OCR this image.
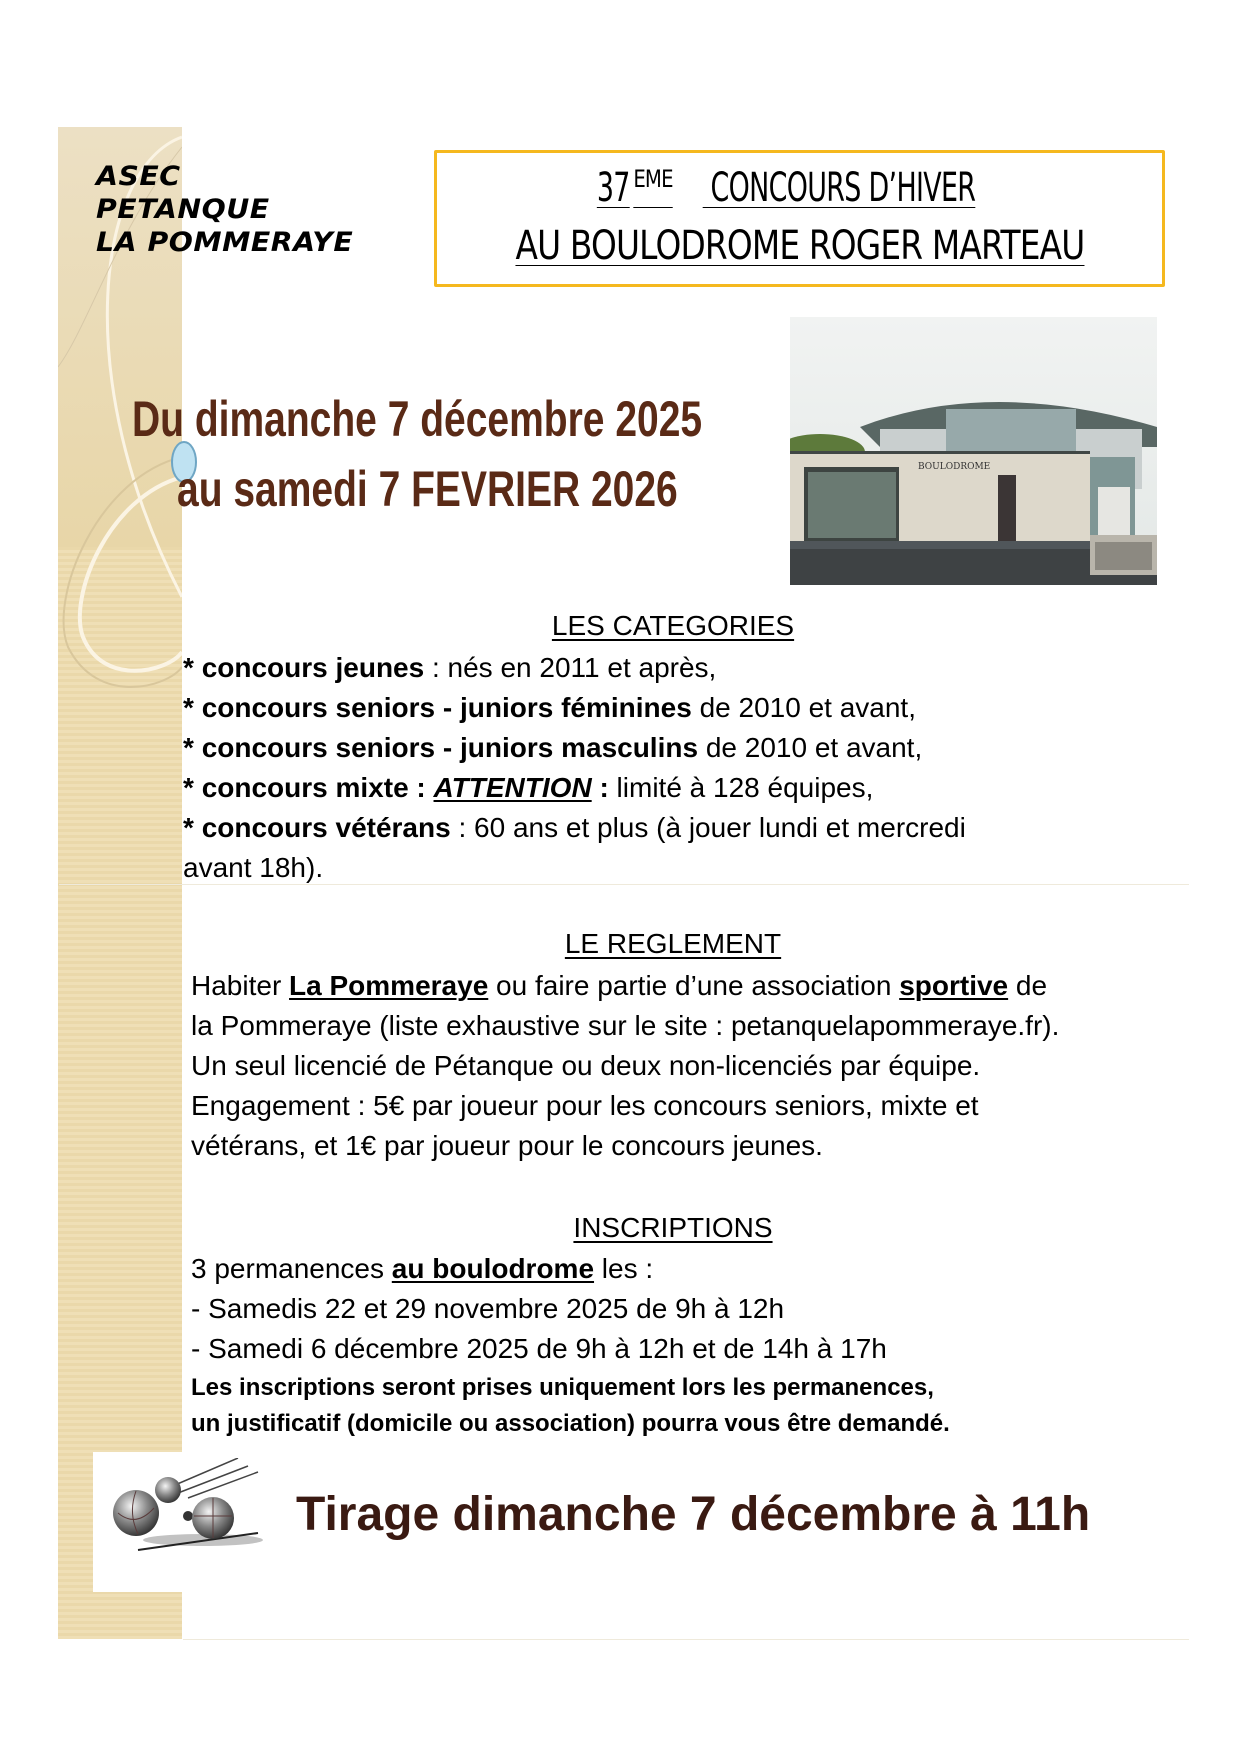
ASEC
PETANQUE
LA POMMERAYE
37 $^{EME}$ CONCOURS D’HIVER
AU BOULODROME ROGER MARTEAU
Du dimanche 7 décembre 2025
au samedi 7 FEVRIER 2026	BOULODROME
LES CATEGORIES
* concours jeunes : nés en 2011 et après,
* concours seniors - juniors féminines de 2010 et avant,
* concours seniors - juniors masculins de 2010 et avant,
* concours mixte : ATTENTION : limité à 128 équipes,
* concours vétérans : 60 ans et plus (à jouer lundi et mercredi
avant 18h).
LE REGLEMENT
Habiter La Pommeraye ou faire partie d’une association sportive de
la Pommeraye (liste exhaustive sur le site : petanquelapommeraye.fr).
Un seul licencié de Pétanque ou deux non-licenciés par équipe.
Engagement : 5€ par joueur pour les concours seniors, mixte et
vétérans, et 1€ par joueur pour le concours jeunes.
INSCRIPTIONS
3 permanences au boulodrome les :
- Samedis 22 et 29 novembre 2025 de 9h à 12h
- Samedi 6 décembre 2025 de 9h à 12h et de 14h à 17h
Les inscriptions seront prises uniquement lors les permanences,
un justificatif (domicile ou association) pourra vous être demandé.
Tirage dimanche 7 décembre à 11h
